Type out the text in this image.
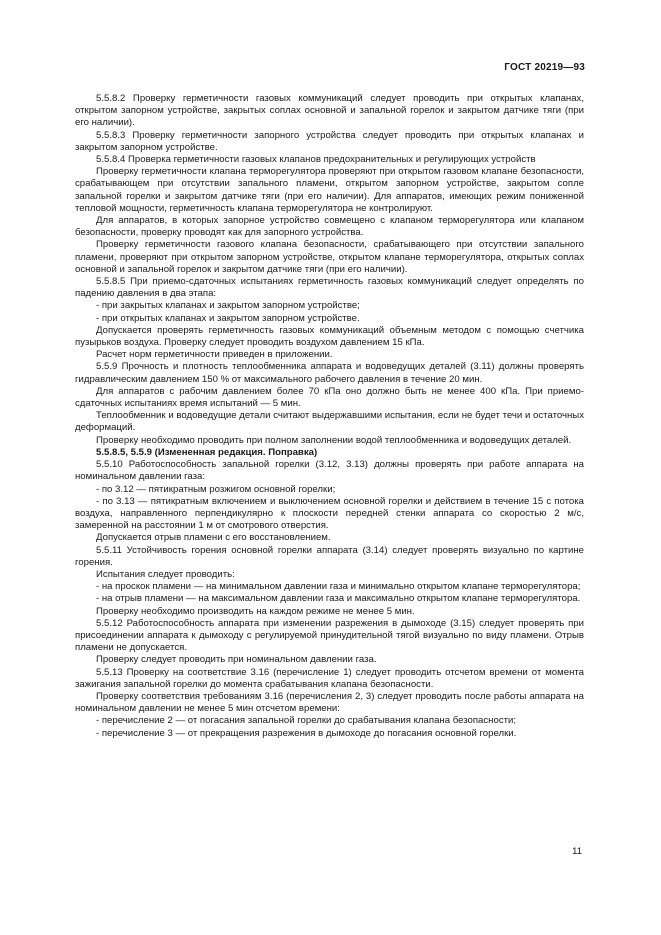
ГОСТ 20219—93

5.5.8.2 Проверку герметичности газовых коммуникаций следует проводить при открытых клапанах, открытом запорном устройстве, закрытых соплах основной и запальной горелок и закрытом датчике тяги (при его наличии).

5.5.8.3 Проверку герметичности запорного устройства следует проводить при открытых клапанах и закрытом запорном устройстве.

5.5.8.4 Проверка герметичности газовых клапанов предохранительных и регулирующих устройств

Проверку герметичности клапана терморегулятора проверяют при открытом газовом клапане безопасности, срабатывающем при отсутствии запального пламени, открытом запорном устройстве, закрытом сопле запальной горелки и закрытом датчике тяги (при его наличии). Для аппаратов, имеющих режим пониженной тепловой мощности, герметичность клапана терморегулятора не контролируют.

Для аппаратов, в которых запорное устройство совмещено с клапаном терморегулятора или клапаном безопасности, проверку проводят как для запорного устройства.

Проверку герметичности газового клапана безопасности, срабатывающего при отсутствии запального пламени, проверяют при открытом запорном устройстве, открытом клапане терморегулятора, открытых соплах основной и запальной горелок и закрытом датчике тяги (при его наличии).

5.5.8.5 При приемо-сдаточных испытаниях герметичность газовых коммуникаций следует определять по падению давления в два этапа:

- при закрытых клапанах и закрытом запорном устройстве;

- при открытых клапанах и закрытом запорном устройстве.

Допускается проверять герметичность газовых коммуникаций объемным методом с помощью счетчика пузырьков воздуха. Проверку следует проводить воздухом давлением 15 кПа.

Расчет норм герметичности приведен в приложении.

5.5.9 Прочность и плотность теплообменника аппарата и водоведущих деталей (3.11) должны проверять гидравлическим давлением 150 % от максимального рабочего давления в течение 20 мин.

Для аппаратов с рабочим давлением более 70 кПа оно должно быть не менее 400 кПа. При приемо-сдаточных испытаниях время испытаний — 5 мин.

Теплообменник и водоведущие детали считают выдержавшими испытания, если не будет течи и остаточных деформаций.

Проверку необходимо проводить при полном заполнении водой теплообменника и водоведущих деталей.

5.5.8.5, 5.5.9 (Измененная редакция. Поправка)

5.5.10 Работоспособность запальной горелки (3.12, 3.13) должны проверять при работе аппарата на номинальном давлении газа:

- по 3.12 — пятикратным розжигом основной горелки;

- по 3.13 — пятикратным включением и выключением основной горелки и действием в течение 15 с потока воздуха, направленного перпендикулярно к плоскости передней стенки аппарата со скоростью 2 м/с, замеренной на расстоянии 1 м от смотрового отверстия.

Допускается отрыв пламени с его восстановлением.

5.5.11 Устойчивость горения основной горелки аппарата (3.14) следует проверять визуально по картине горения.

Испытания следует проводить:

- на проскок пламени — на минимальном давлении газа и минимально открытом клапане терморегулятора;

- на отрыв пламени — на максимальном давлении газа и максимально открытом клапане терморегулятора.

Проверку необходимо производить на каждом режиме не менее 5 мин.

5.5.12 Работоспособность аппарата при изменении разрежения в дымоходе (3.15) следует проверять при присоединении аппарата к дымоходу с регулируемой принудительной тягой визуально по виду пламени. Отрыв пламени не допускается.

Проверку следует проводить при номинальном давлении газа.

5.5.13 Проверку на соответствие 3.16 (перечисление 1) следует проводить отсчетом времени от момента зажигания запальной горелки до момента срабатывания клапана безопасности.

Проверку соответствия требованиям 3.16 (перечисления 2, 3) следует проводить после работы аппарата на номинальном давлении не менее 5 мин отсчетом времени:

- перечисление 2 — от погасания запальной горелки до срабатывания клапана безопасности;

- перечисление 3 — от прекращения разрежения в дымоходе до погасания основной горелки.

11
